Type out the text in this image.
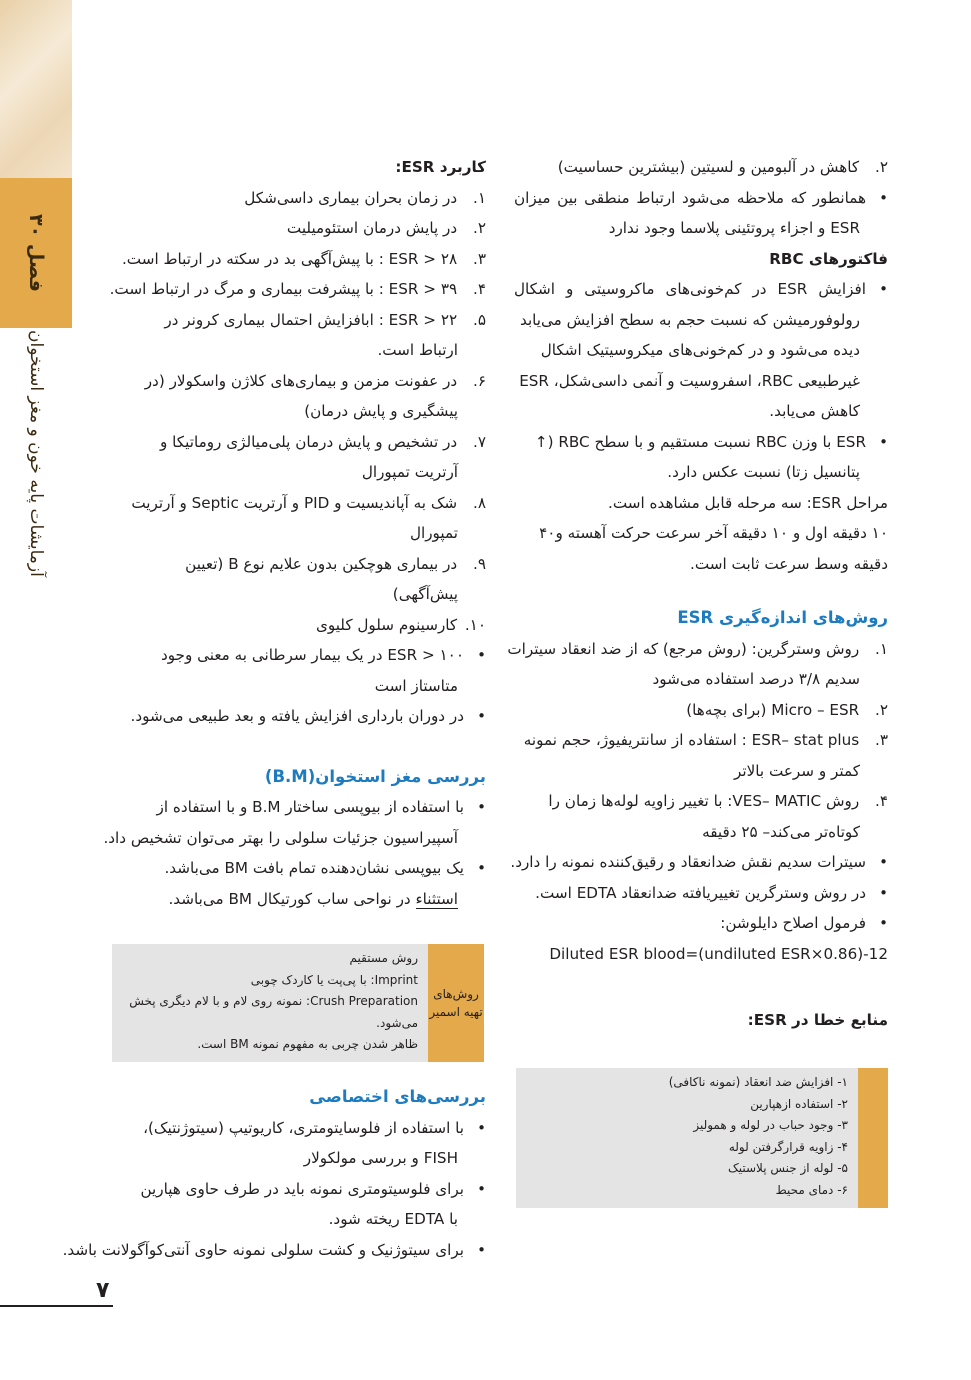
فصل ۳۰
آزمایشات پایه خون و مغز استخوان
۲. کاهش در آلبومین و لسیتین (بیشترین حساسیت)
• همانطور که ملاحظه می‌شود ارتباط منطقی بین میزان
ESR و اجزاء پروتئینی پلاسما وجود ندارد
فاکتورهای RBC
• افزایش ESR در کم‌خونی‌های ماکروسیتی و اشکال
رولوفورمیشن که نسبت حجم به سطح افزایش می‌یابد
دیده می‌شود و در کم‌خونی‌های میکروسیتیک اشکال
غیرطبیعی RBC، اسفروسیت و آنمی داسی‌شکل، ESR
کاهش می‌یابد.
• ESR با وزن RBC نسبت مستقیم و با سطح RBC (↑
پتانسیل زتا) نسبت عکس دارد.
مراحل ESR: سه مرحله قابل مشاهده است.
۱۰ دقیقه اول و ۱۰ دقیقه آخر سرعت حرکت آهسته و۴۰
دقیقه وسط سرعت ثابت است.
روش‌های اندازه‌گیری ESR
۱. روش وسترگرین: (روش مرجع) که از ضد انعقاد سیترات
سدیم ۳/۸ درصد استفاده می‌شود
۲. Micro – ESR (برای بچه‌ها)
۳. ESR– stat plus : استفاده از سانتریفیوژ، حجم نمونه
کمتر و سرعت بالاتر
۴. روش VES– MATIC: با تغییر زاویه لوله‌ها زمان را
کوتاه‌تر می‌کند– ۲۵ دقیقه
• سیترات سدیم نقش ضدانعقاد و رقیق‌کننده نمونه را دارد.
• در روش وسترگرین تغییریافته ضدانعقاد EDTA است.
• فرمول اصلاح دایلوشن:
Diluted ESR blood=(undiluted ESR×0.86)-12
منابع خطا در ESR:
۱- افزایش ضد انعقاد (نمونه ناکافی)
۲- استفاده ازهپارین
۳- وجود حباب در لوله و همولیز
۴- زاویه قرارگرفتن لوله
۵- لوله از جنس پلاستیک
۶- دمای محیط
کاربرد ESR:
۱. در زمان بحران بیماری داسی‌شکل
۲. در پایش درمان استئومیلیت
۳. ۲۸ < ESR : با پیش‌آگهی بد در سکته در ارتباط است.
۴. ۳۹ < ESR : با پیشرفت بیماری و مرگ در ارتباط است.
۵. ۲۲ < ESR : ابافزایش احتمال بیماری کرونر در
ارتباط است.
۶. در عفونت مزمن و بیماری‌های کلاژن واسکولار (در
پیشگیری و پایش درمان)
۷. در تشخیص و پایش درمان پلی‌میالژی روماتیکا و
آرتریت تمپورال
۸. شک به آپاندیسیت و PID و آرتریت Septic و آرتریت
تمپورال
۹. در بیماری هوچکین بدون علایم نوع B (تعیین
پیش‌آگهی)
۱۰. کارسینوم سلول کلیوی
• ۱۰۰ < ESR در یک بیمار سرطانی به معنی وجود
متاستاز است
• در دوران بارداری افزایش یافته و بعد طبیعی می‌شود.
بررسی مغز استخوان(B.M)
• با استفاده از بیوپسی ساختار B.M و با استفاده از
آسپیراسیون جزئیات سلولی را بهتر می‌توان تشخیص داد.
• یک بیوپسی نشان‌دهنده تمام بافت BM می‌باشد.
استثناء در نواحی ساب کورتیکال BM می‌باشد.
روش‌های تهیه اسمیر
روش مستقیم
Imprint: با پی‌پت یا کاردک چوبی
Crush Preparation: نمونه روی لام و با لام دیگری پخش
می‌شود.
ظاهر شدن چربی به مفهوم نمونه BM است.
بررسی‌های اختصاصی
• با استفاده از فلوسایتومتری، کاریوتیپ (سیتوژنتیک)،
FISH و بررسی مولکولار
• برای فلوسیتومتری نمونه باید در طرف حاوی هپارین
با EDTA ریخته شود.
• برای سیتوژنیک و کشت سلولی نمونه حاوی آنتی‌کوآگولانت باشد.
۷
